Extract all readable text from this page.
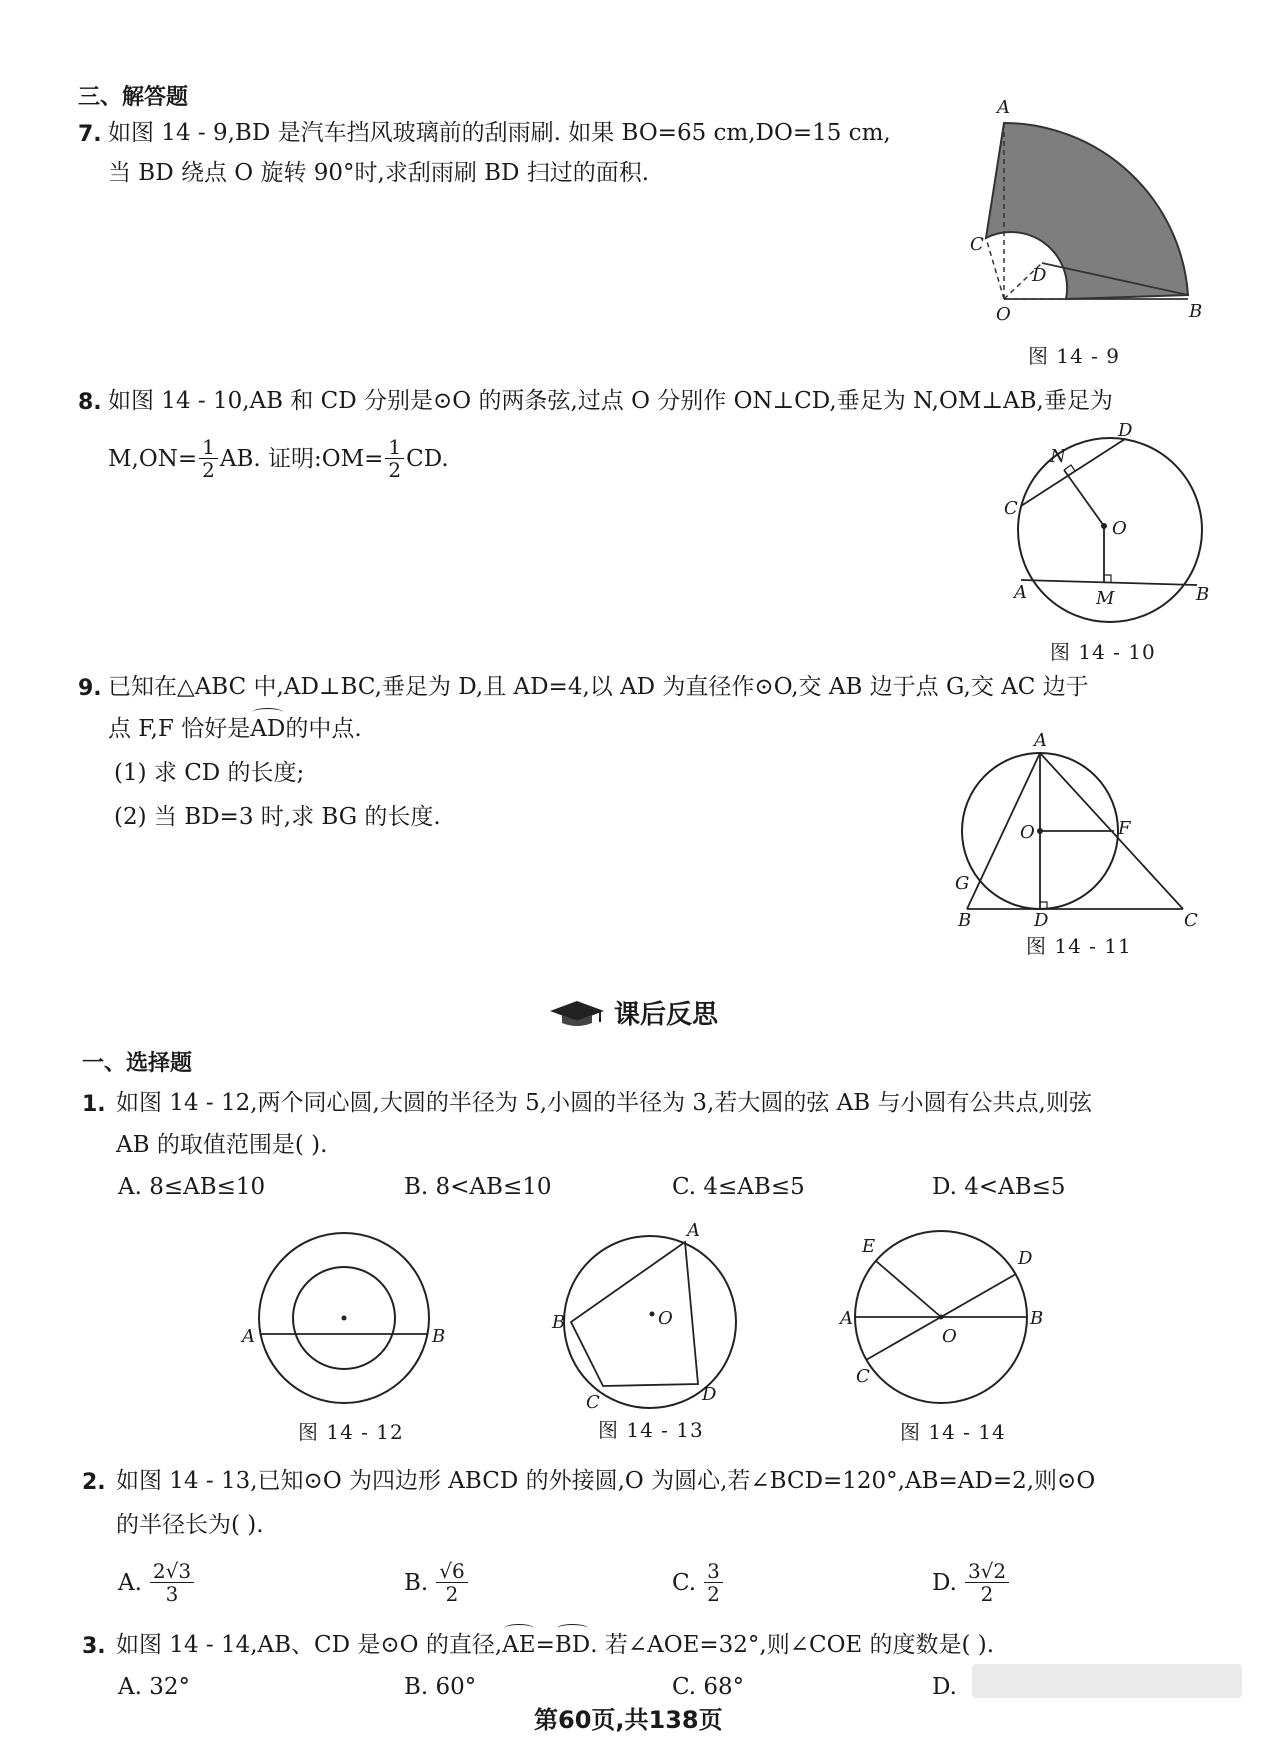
三、解答题
7. 如图 14 - 9,BD 是汽车挡风玻璃前的刮雨刷. 如果 BO=65 cm,DO=15 cm,
当 BD 绕点 O 旋转 90°时,求刮雨刷 BD 扫过的面积.
A
B
C
D
O
图 14 - 9
8. 如图 14 - 10,AB 和 CD 分别是⊙O 的两条弦,过点 O 分别作 ON⊥CD,垂足为 N,OM⊥AB,垂足为
$M,ON= \frac{1}{2}$ AB. 证明:OM= $\frac{1}{2}$ CD.
D
N
C
O
A	M	B
图 14 - 10
9. 已知在△ABC 中,AD⊥BC,垂足为 D,且 AD=4,以 AD 为直径作⊙O,交 AB 边于点 G,交 AC 边于
点 F,F 恰好是AD的中点.
(1) 求 CD 的长度;
(2) 当 BD=3 时,求 BG 的长度.
A
O	F
G
B	D	C
图 14 - 11
课后反思
一、选择题
1. 如图 14 - 12,两个同心圆,大圆的半径为 5,小圆的半径为 3,若大圆的弦 AB 与小圆有公共点,则弦
AB 的取值范围是( ).
A. 8≤AB≤10	B. 8<AB≤10	C. 4≤AB≤5	D. 4<AB≤5
A	B
图 14 - 12
A
B
C	D
O
图 14 - 13
E
D
A	B
O
C
图 14 - 14
2. 如图 14 - 13,已知⊙O 为四边形 ABCD 的外接圆,O 为圆心,若∠BCD=120°,AB=AD=2,则⊙O
的半径长为( ).
A. $\frac{2√3}{3}$	B. $\frac{√6}{2}$	C. $\frac{3}{2}$	D. $\frac{3√2}{2}$
3. 如图 14 - 14,AB、CD 是⊙O 的直径,AE=BD. 若∠AOE=32°,则∠COE 的度数是( ).
A. 32°	B. 60°	C. 68°	D.
第60页,共138页
